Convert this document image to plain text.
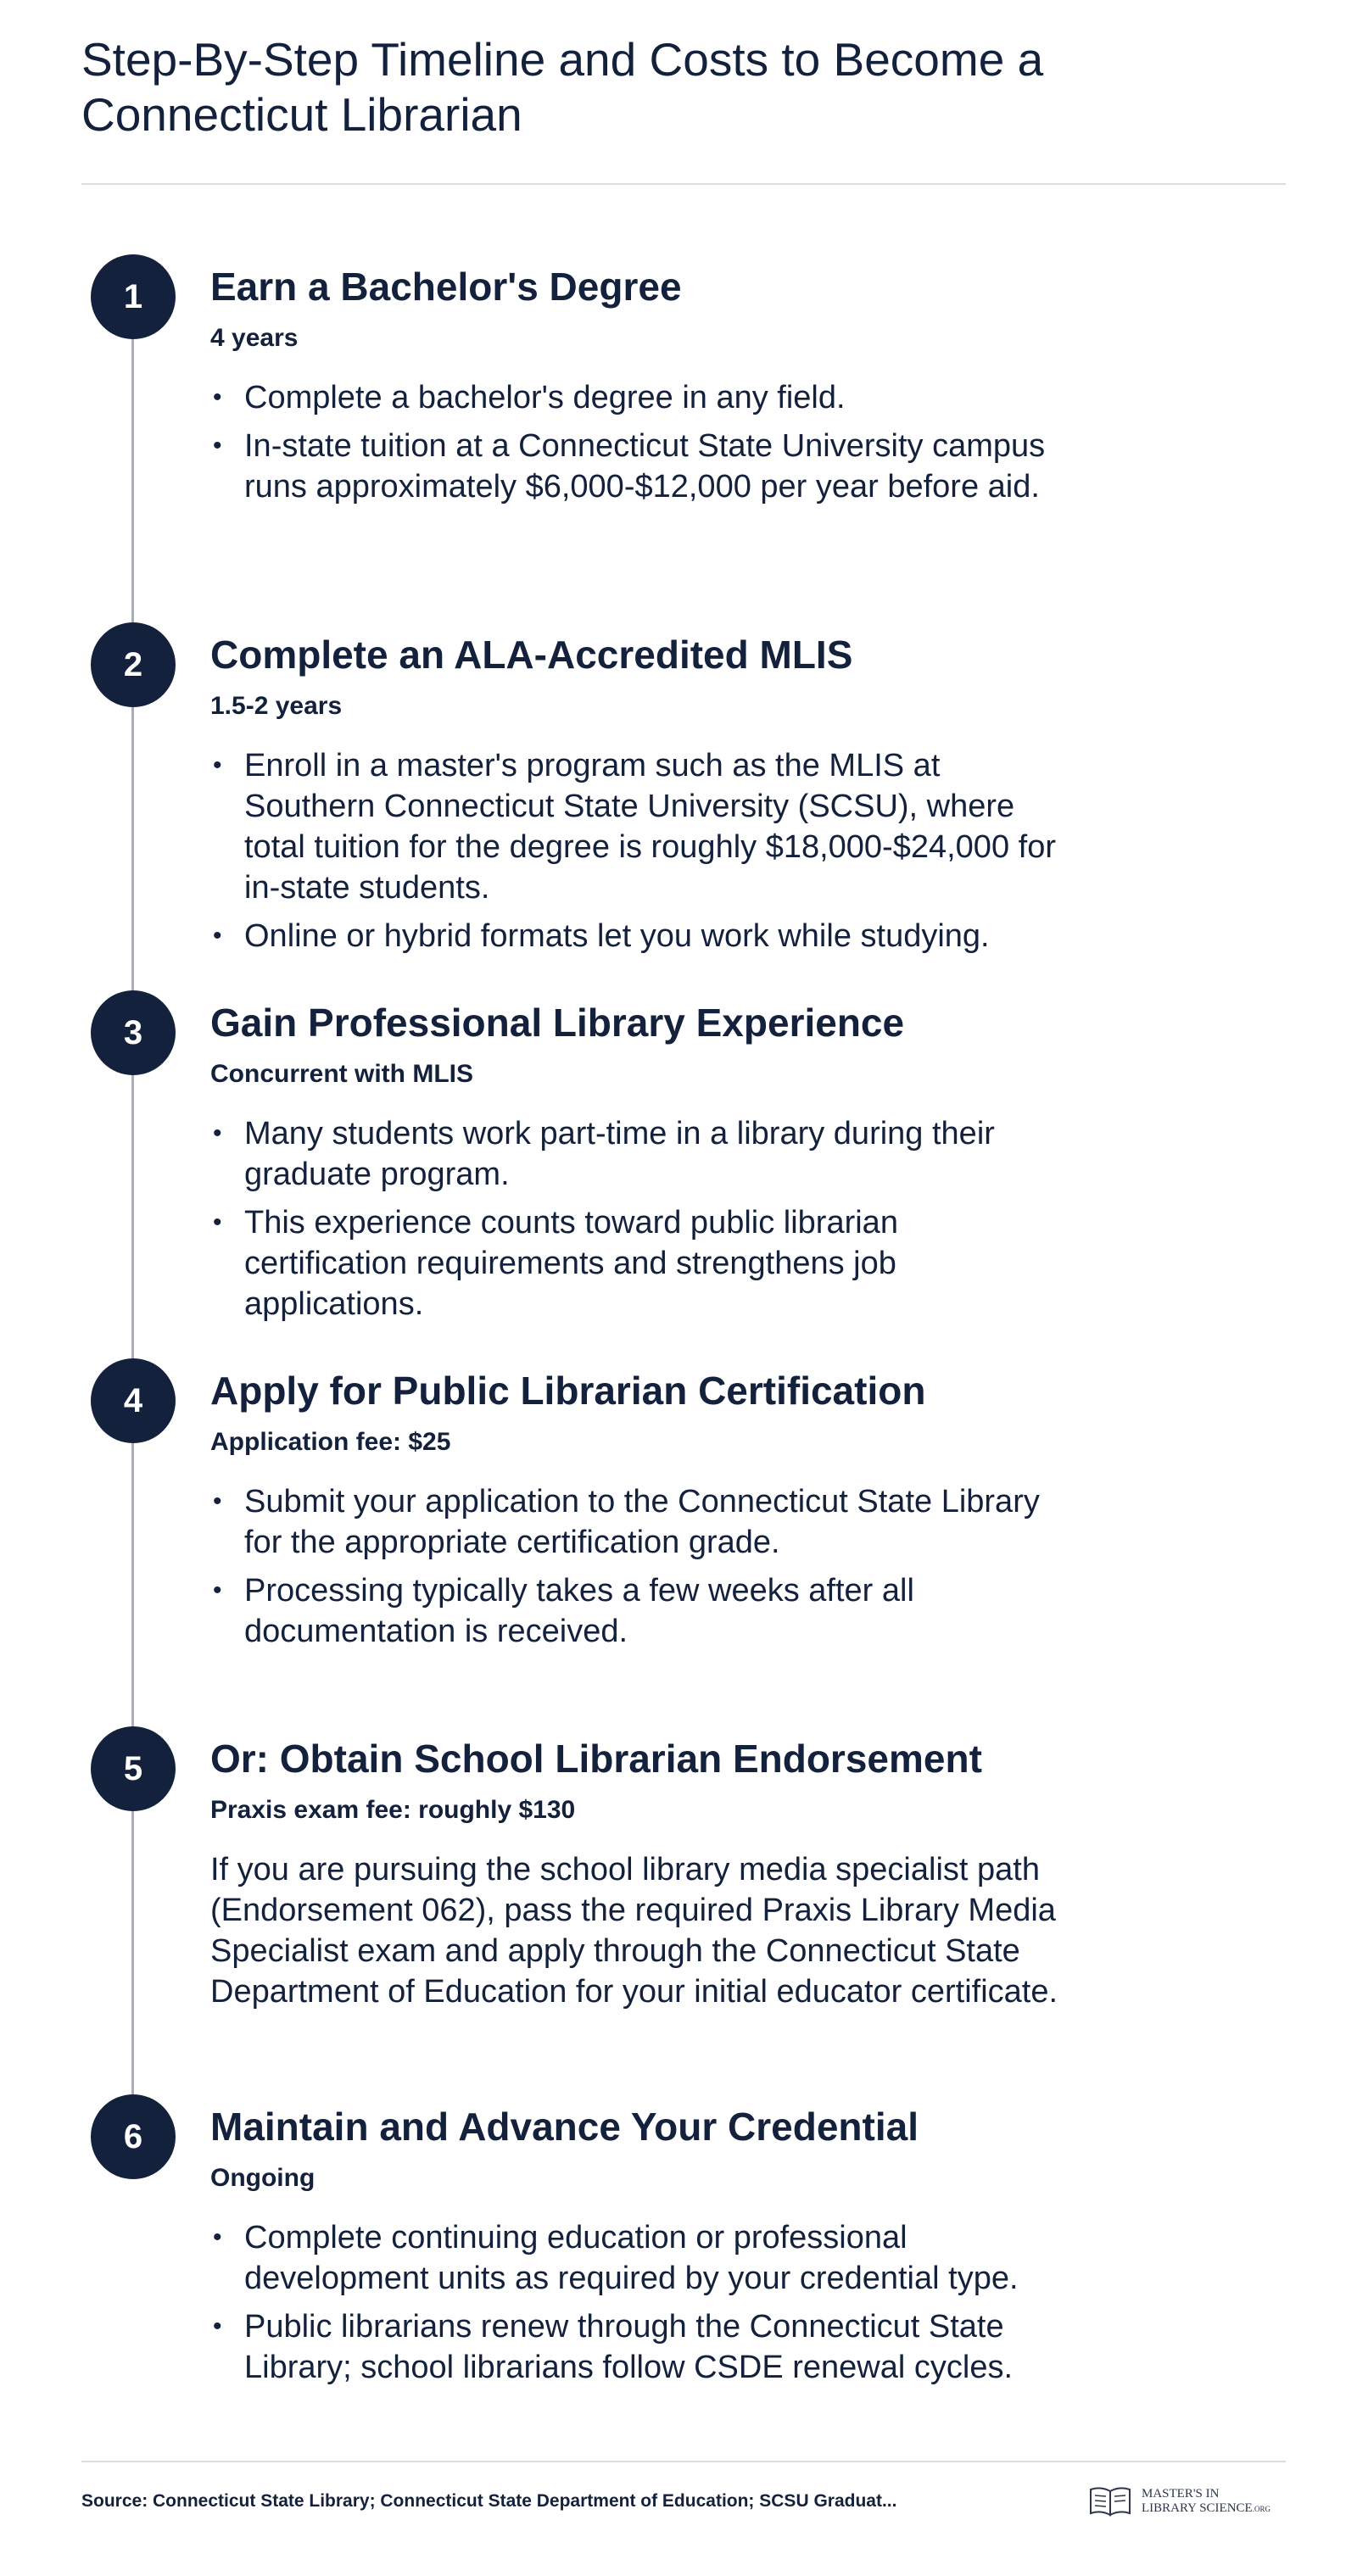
Step-By-Step Timeline and Costs to Become a Connecticut Librarian
1	Earn a Bachelor's Degree
4 years
• Complete a bachelor's degree in any field.
• In-state tuition at a Connecticut State University campus runs approximately $6,000-$12,000 per year before aid.
2	Complete an ALA-Accredited MLIS
1.5-2 years
• Enroll in a master's program such as the MLIS at Southern Connecticut State University (SCSU), where total tuition for the degree is roughly $18,000-$24,000 for in-state students.
• Online or hybrid formats let you work while studying.
3	Gain Professional Library Experience
Concurrent with MLIS
• Many students work part-time in a library during their graduate program.
• This experience counts toward public librarian certification requirements and strengthens job applications.
4	Apply for Public Librarian Certification
Application fee: $25
• Submit your application to the Connecticut State Library for the appropriate certification grade.
• Processing typically takes a few weeks after all documentation is received.
5	Or: Obtain School Librarian Endorsement
Praxis exam fee: roughly $130

If you are pursuing the school library media specialist path (Endorsement 062), pass the required Praxis Library Media Specialist exam and apply through the Connecticut State Department of Education for your initial educator certificate.

6	Maintain and Advance Your Credential
Ongoing
• Complete continuing education or professional development units as required by your credential type.
• Public librarians renew through the Connecticut State Library; school librarians follow CSDE renewal cycles.
Source: Connecticut State Library; Connecticut State Department of Education; SCSU Graduat...	MASTER'S IN
LIBRARY SCIENCE.ORG
